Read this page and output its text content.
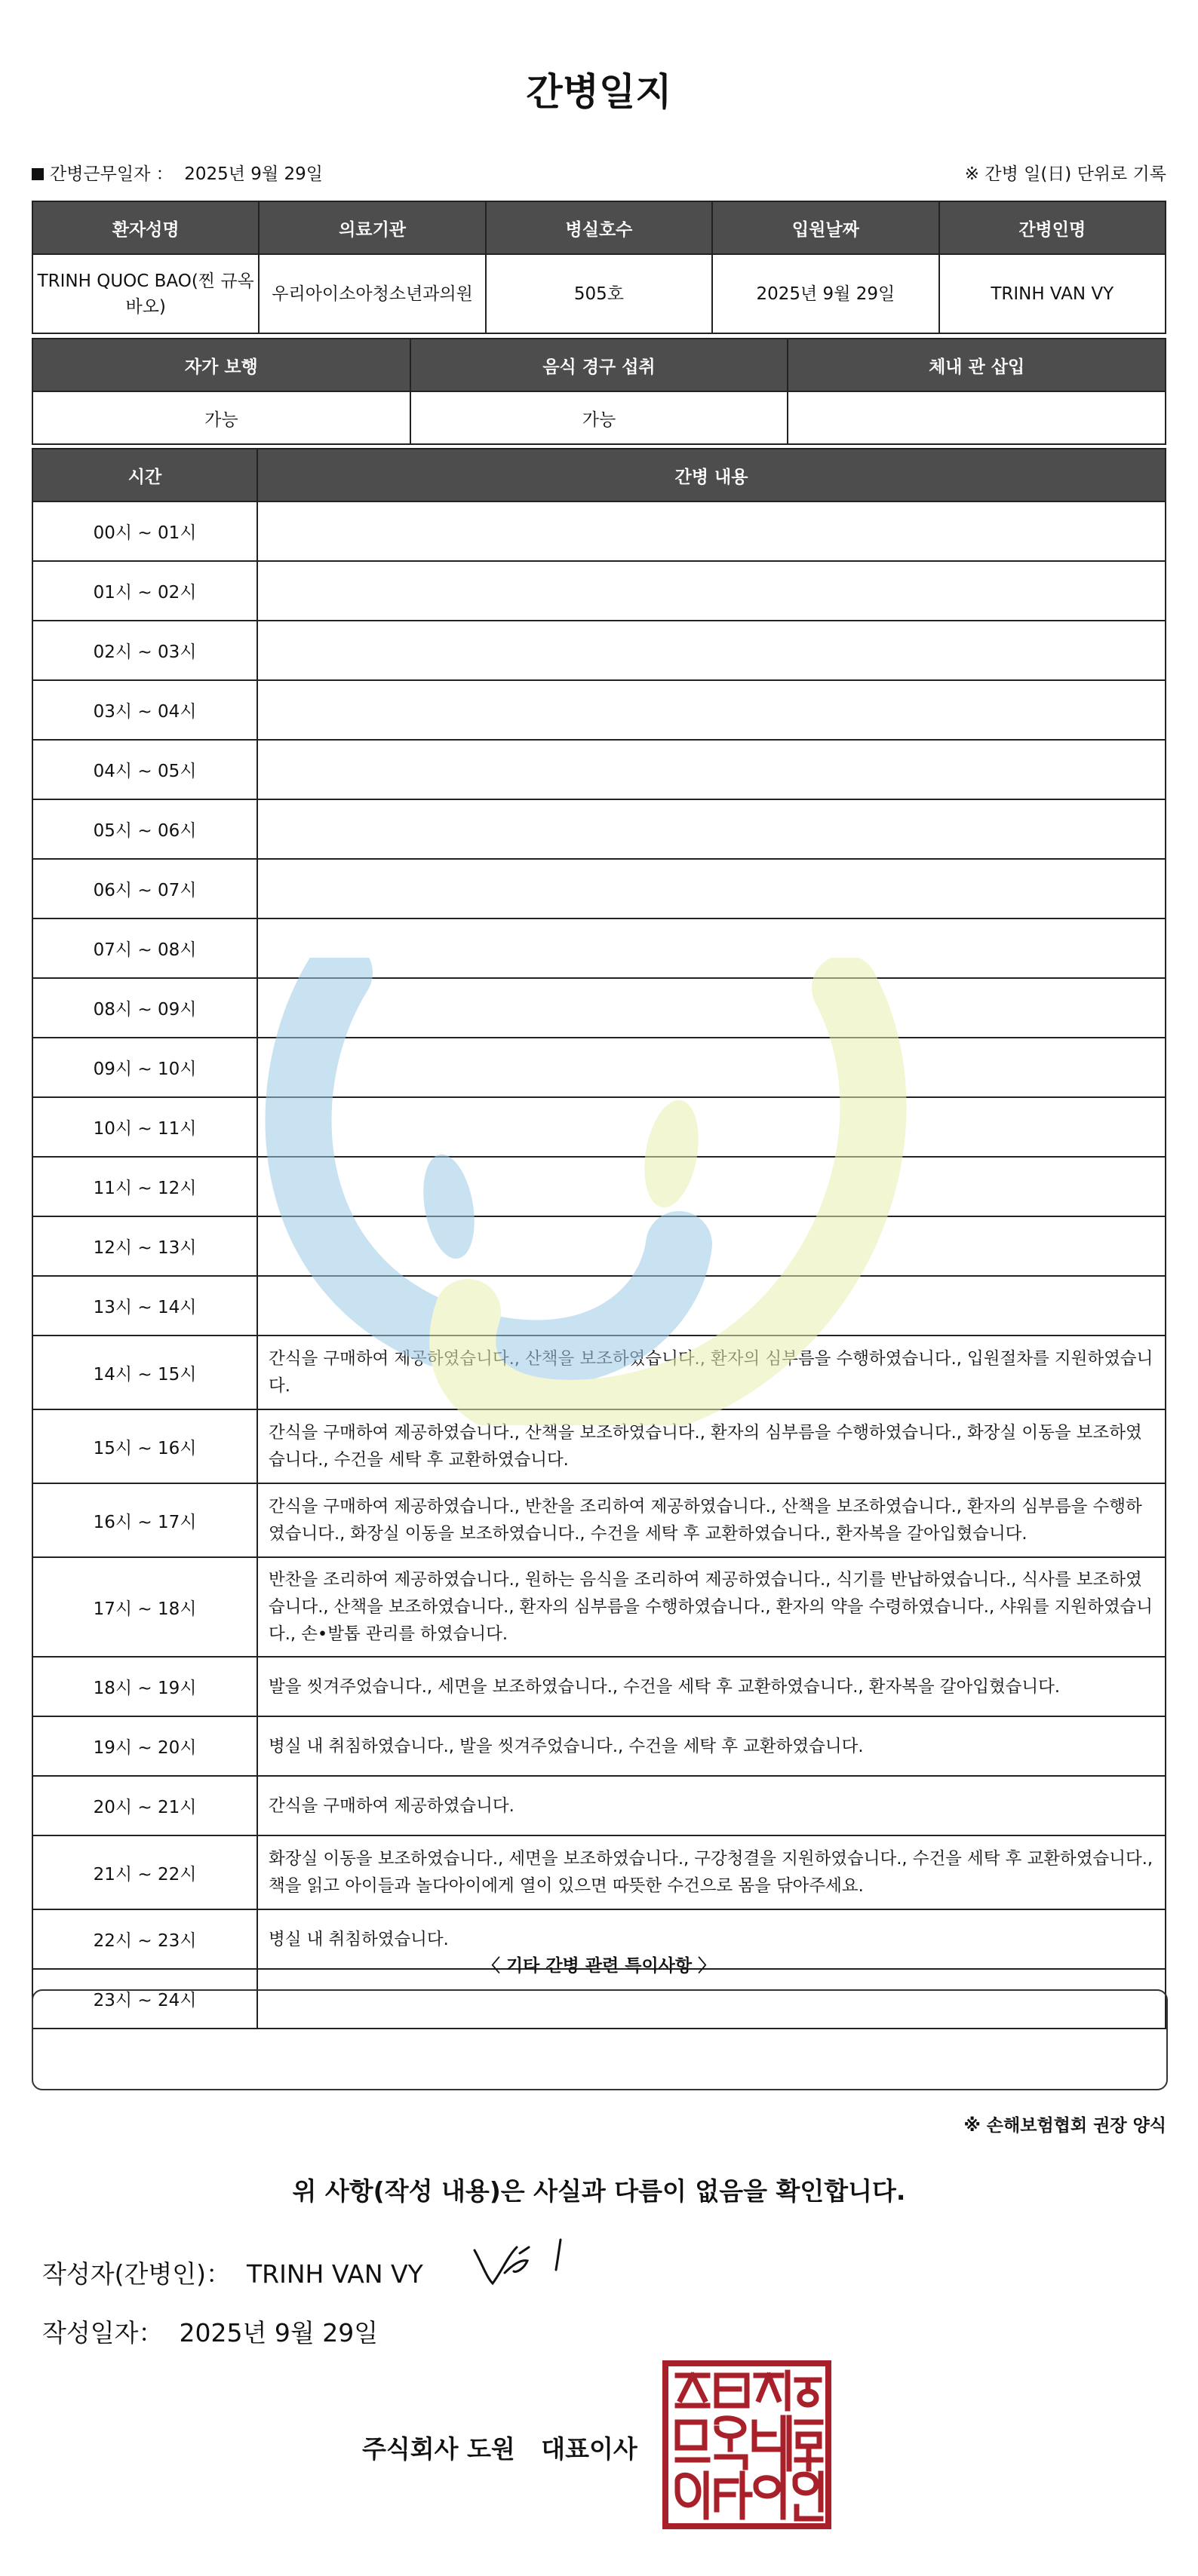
간병일지
간병근무일자 ： 2025년 9월 29일	※ 간병 일(日) 단위로 기록
환자성명	의료기관	병실호수	입원날짜	간병인명
TRINH QUOC BAO(찐 규옥바오)	우리아이소아청소년과의원	505호	2025년 9월 29일	TRINH VAN VY
자가 보행	음식 경구 섭취	체내 관 삽입
가능	가능	
시간	간병 내용
00시 ~ 01시	
01시 ~ 02시	
02시 ~ 03시	
03시 ~ 04시	
04시 ~ 05시	
05시 ~ 06시	
06시 ~ 07시	
07시 ~ 08시	
08시 ~ 09시	
09시 ~ 10시	
10시 ~ 11시	
11시 ~ 12시	
12시 ~ 13시	
13시 ~ 14시	
14시 ~ 15시	간식을 구매하여 제공하였습니다., 산책을 보조하였습니다., 환자의 심부름을 수행하였습니다., 입원절차를 지원하였습니다.
15시 ~ 16시	간식을 구매하여 제공하였습니다., 산책을 보조하였습니다., 환자의 심부름을 수행하였습니다., 화장실 이동을 보조하였습니다., 수건을 세탁 후 교환하였습니다.
16시 ~ 17시	간식을 구매하여 제공하였습니다., 반찬을 조리하여 제공하였습니다., 산책을 보조하였습니다., 환자의 심부름을 수행하였습니다., 화장실 이동을 보조하였습니다., 수건을 세탁 후 교환하였습니다., 환자복을 갈아입혔습니다.
17시 ~ 18시	반찬을 조리하여 제공하였습니다., 원하는 음식을 조리하여 제공하였습니다., 식기를 반납하였습니다., 식사를 보조하였습니다., 산책을 보조하였습니다., 환자의 심부름을 수행하였습니다., 환자의 약을 수령하였습니다., 샤워를 지원하였습니다., 손•발톱 관리를 하였습니다.
18시 ~ 19시	발을 씻겨주었습니다., 세면을 보조하였습니다., 수건을 세탁 후 교환하였습니다., 환자복을 갈아입혔습니다.
19시 ~ 20시	병실 내 취침하였습니다., 발을 씻겨주었습니다., 수건을 세탁 후 교환하였습니다.
20시 ~ 21시	간식을 구매하여 제공하였습니다.
21시 ~ 22시	화장실 이동을 보조하였습니다., 세면을 보조하였습니다., 구강청결을 지원하였습니다., 수건을 세탁 후 교환하였습니다., 책을 읽고 아이들과 놀다아이에게 열이 있으면 따뜻한 수건으로 몸을 닦아주세요.
22시 ~ 23시	병실 내 취침하였습니다.
23시 ~ 24시	
〈 기타 간병 관련 특이사항 〉
※ 손해보험협회 권장 양식
위 사항(작성 내용)은 사실과 다름이 없음을 확인합니다.
작성자(간병인)： TRINH VAN VY
작성일자： 2025년 9월 29일
주식회사 도원   대표이사
